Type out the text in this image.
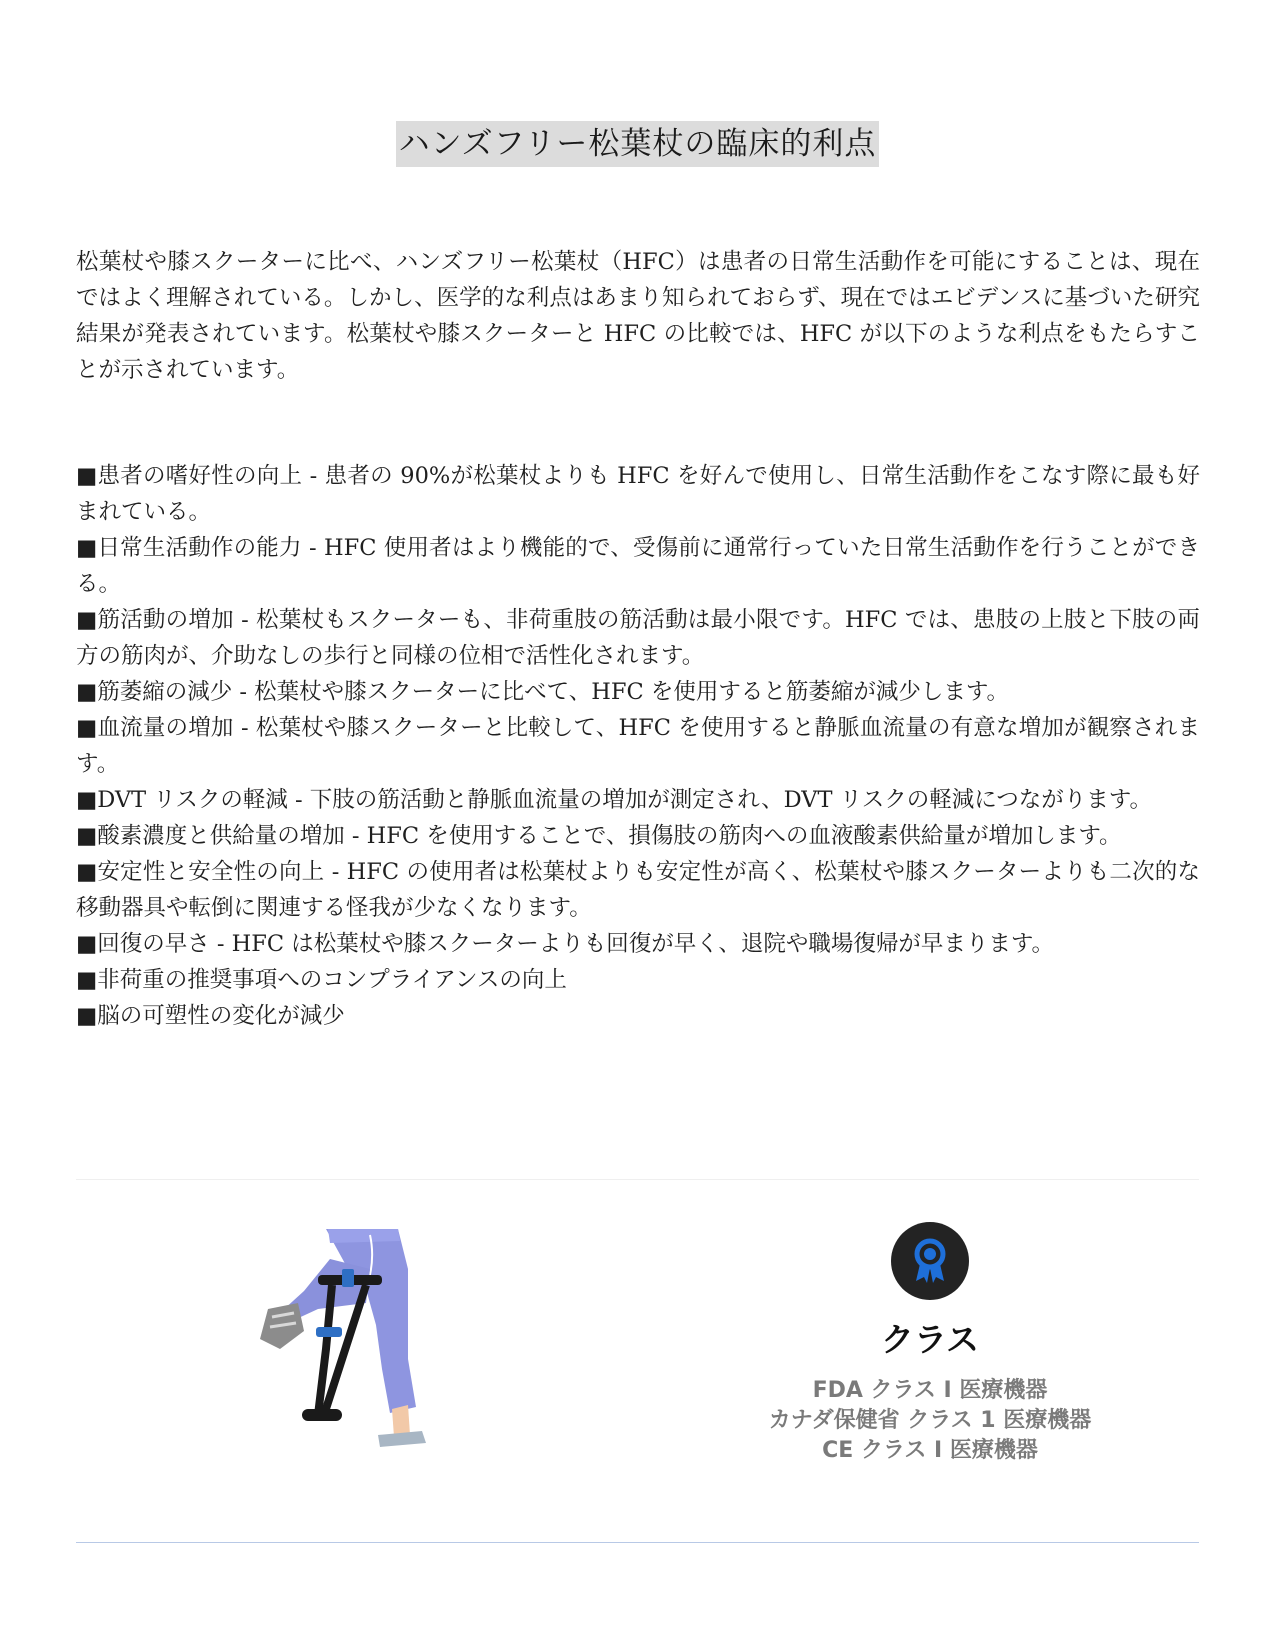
ハンズフリー松葉杖の臨床的利点

松葉杖や膝スクーターに比べ、ハンズフリー松葉杖（HFC）は患者の日常生活動作を可能にすることは、現在ではよく理解されている。しかし、医学的な利点はあまり知られておらず、現在ではエビデンスに基づいた研究結果が発表されています。松葉杖や膝スクーターと HFC の比較では、HFC が以下のような利点をもたらすことが示されています。

■患者の嗜好性の向上 - 患者の 90%が松葉杖よりも HFC を好んで使用し、日常生活動作をこなす際に最も好まれている。
■日常生活動作の能力 - HFC 使用者はより機能的で、受傷前に通常行っていた日常生活動作を行うことができる。
■筋活動の増加 - 松葉杖もスクーターも、非荷重肢の筋活動は最小限です。HFC では、患肢の上肢と下肢の両方の筋肉が、介助なしの歩行と同様の位相で活性化されます。
■筋萎縮の減少 - 松葉杖や膝スクーターに比べて、HFC を使用すると筋萎縮が減少します。
■血流量の増加 - 松葉杖や膝スクーターと比較して、HFC を使用すると静脈血流量の有意な増加が観察されます。
■DVT リスクの軽減 - 下肢の筋活動と静脈血流量の増加が測定され、DVT リスクの軽減につながります。
■酸素濃度と供給量の増加 - HFC を使用することで、損傷肢の筋肉への血液酸素供給量が増加します。
■安定性と安全性の向上 - HFC の使用者は松葉杖よりも安定性が高く、松葉杖や膝スクーターよりも二次的な移動器具や転倒に関連する怪我が少なくなります。
■回復の早さ - HFC は松葉杖や膝スクーターよりも回復が早く、退院や職場復帰が早まります。
■非荷重の推奨事項へのコンプライアンスの向上
■脳の可塑性の変化が減少
クラス
FDA クラス I 医療機器
カナダ保健省 クラス 1 医療機器
CE クラス I 医療機器
